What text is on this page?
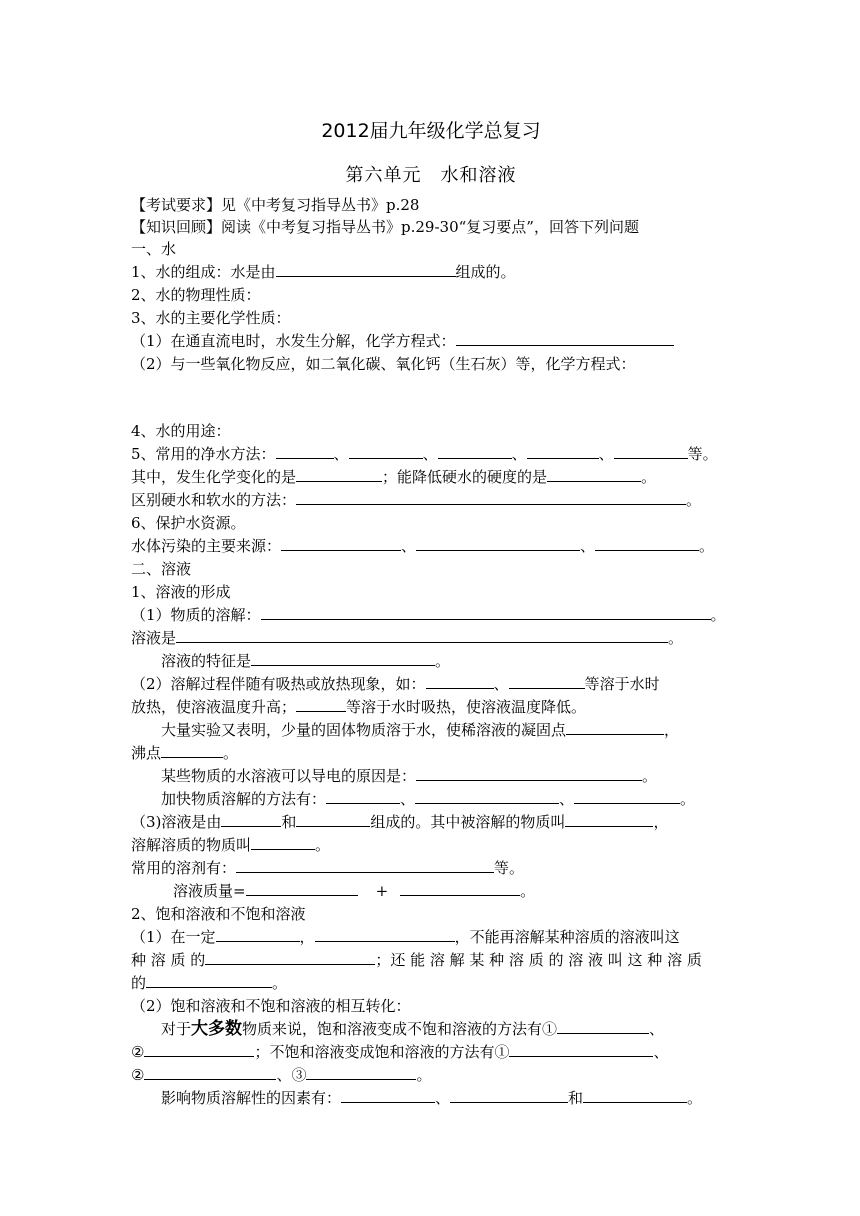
2012届九年级化学总复习
第六单元　水和溶液
【考试要求】见《中考复习指导丛书》p.28
【知识回顾】阅读《中考复习指导丛书》p.29-30“复习要点”，回答下列问题
一、水
1、水的组成：水是由	组成的。
2、水的物理性质：
3、水的主要化学性质：
（1）在通直流电时，水发生分解，化学方程式：
（2）与一些氧化物反应，如二氧化碳、氧化钙（生石灰）等，化学方程式：
4、水的用途：
5、常用的净水方法：	、	、	、	、	等。
其中，发生化学变化的是	；能降低硬水的硬度的是	。
区别硬水和软水的方法：	。
6、保护水资源。
水体污染的主要来源：	、	、	。
二、溶液
1、溶液的形成
（1）物质的溶解：	。
溶液是	。
溶液的特征是	。
（2）溶解过程伴随有吸热或放热现象，如：	、	等溶于水时
放热，使溶液温度升高；	等溶于水时吸热，使溶液温度降低。
大量实验又表明，少量的固体物质溶于水，使稀溶液的凝固点	，
沸点	。
某些物质的水溶液可以导电的原因是：	。
加快物质溶解的方法有：	、	、	。
（3)溶液是由	和	组成的。其中被溶解的物质叫	，
溶解溶质的物质叫	。
常用的溶剂有：	等。
溶液质量=	+	。
2、饱和溶液和不饱和溶液
（1）在一定	，	，不能再溶解某种溶质的溶液叫这
种 溶 质 的	；还 能 溶 解 某 种 溶 质 的 溶 液 叫 这 种 溶 质
的	。
（2）饱和溶液和不饱和溶液的相互转化：
对于大多数物质来说，饱和溶液变成不饱和溶液的方法有①	、
②	；不饱和溶液变成饱和溶液的方法有①	、
②	、③	。
影响物质溶解性的因素有：	、	和	。
